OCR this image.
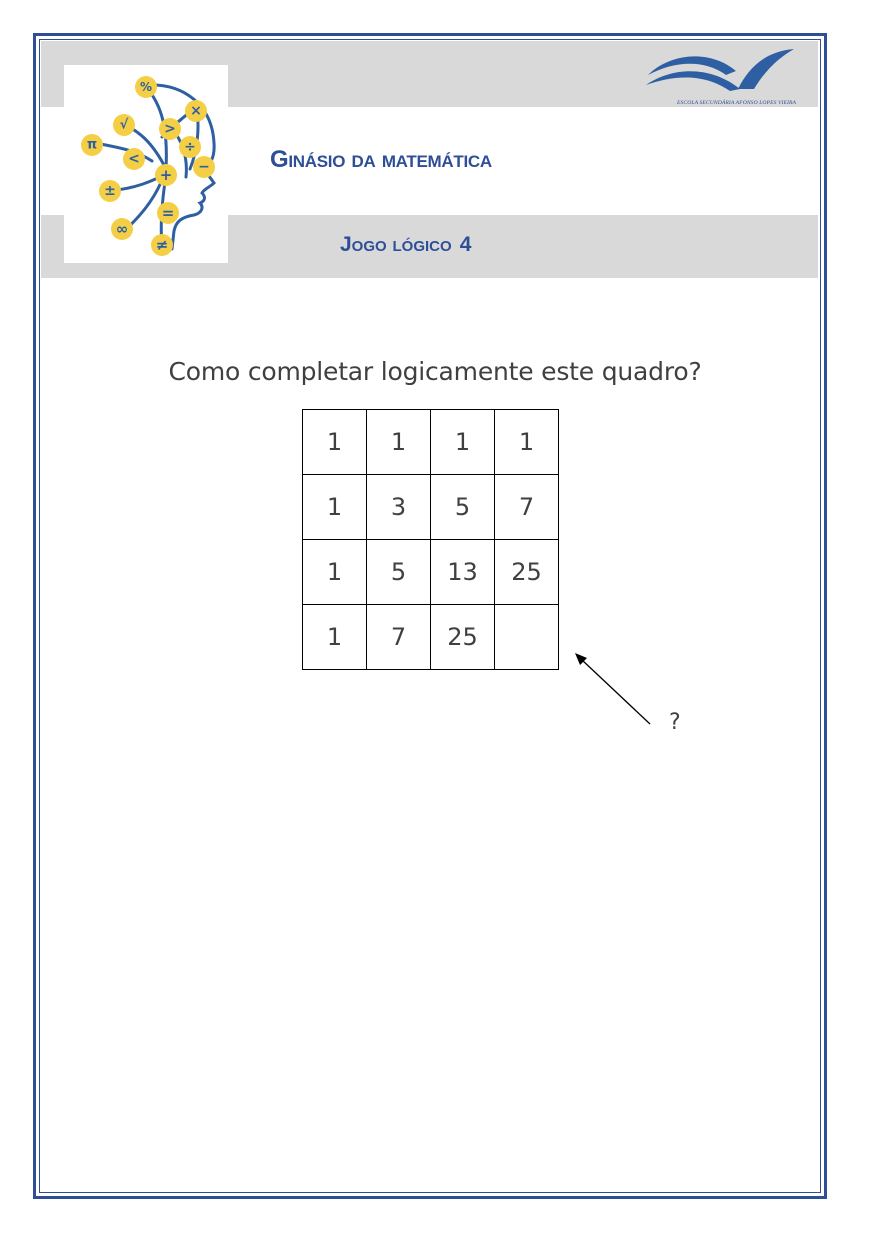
%
×
√	>
π
<
÷
−
+
±
=
∞
≠
ESCOLA SECUNDÁRIA AFONSO LOPES VIEIRA
Ginásio da matemática
Jogo lógico 4
Como completar logicamente este quadro?
1	1	1	1
1	3	5	7
1	5	13	25
1	7	25	
?
